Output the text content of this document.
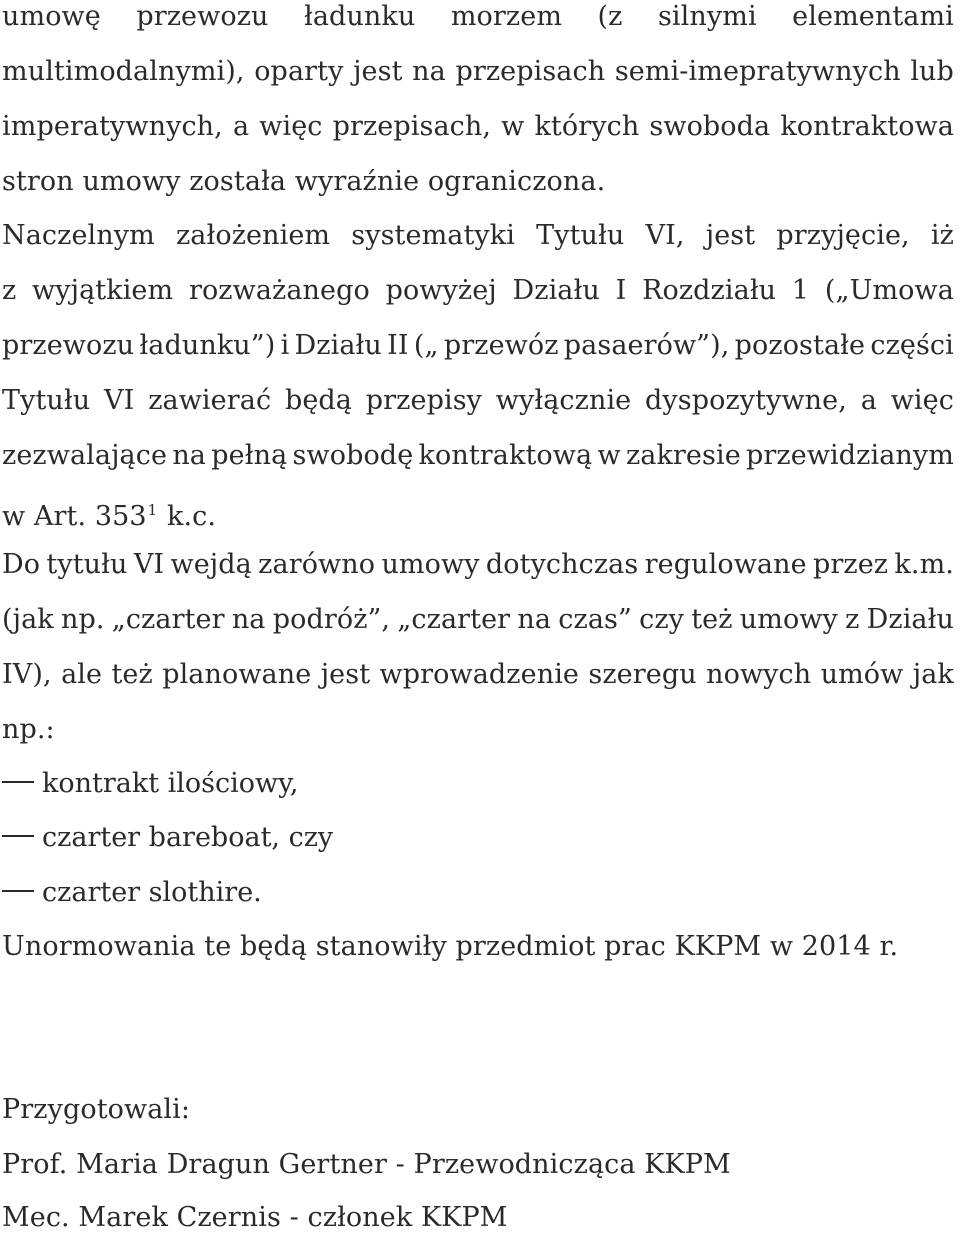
umowę przewozu ładunku morzem (z silnymi elementami
multimodalnymi), oparty jest na przepisach semi-imepratywnych lub
imperatywnych, a więc przepisach, w których swoboda kontraktowa
stron umowy została wyraźnie ograniczona.
Naczelnym założeniem systematyki Tytułu VI, jest przyjęcie, iż
z wyjątkiem rozważanego powyżej Działu I Rozdziału 1 („Umowa
przewozu ładunku”) i Działu II („ przewóz pasaerów”), pozostałe części
Tytułu VI zawierać będą przepisy wyłącznie dyspozytywne, a więc
zezwalające na pełną swobodę kontraktową w zakresie przewidzianym
w Art. $353^1$ k.c.
Do tytułu VI wejdą zarówno umowy dotychczas regulowane przez k.m.
(jak np. „czarter na podróż”, „czarter na czas” czy też umowy z Działu
IV), ale też planowane jest wprowadzenie szeregu nowych umów jak
np.:
kontrakt ilościowy,
czarter bareboat, czy
czarter slothire.
Unormowania te będą stanowiły przedmiot prac KKPM w 2014 r.
Przygotowali:
Prof. Maria Dragun Gertner - Przewodnicząca KKPM
Mec. Marek Czernis - członek KKPM
